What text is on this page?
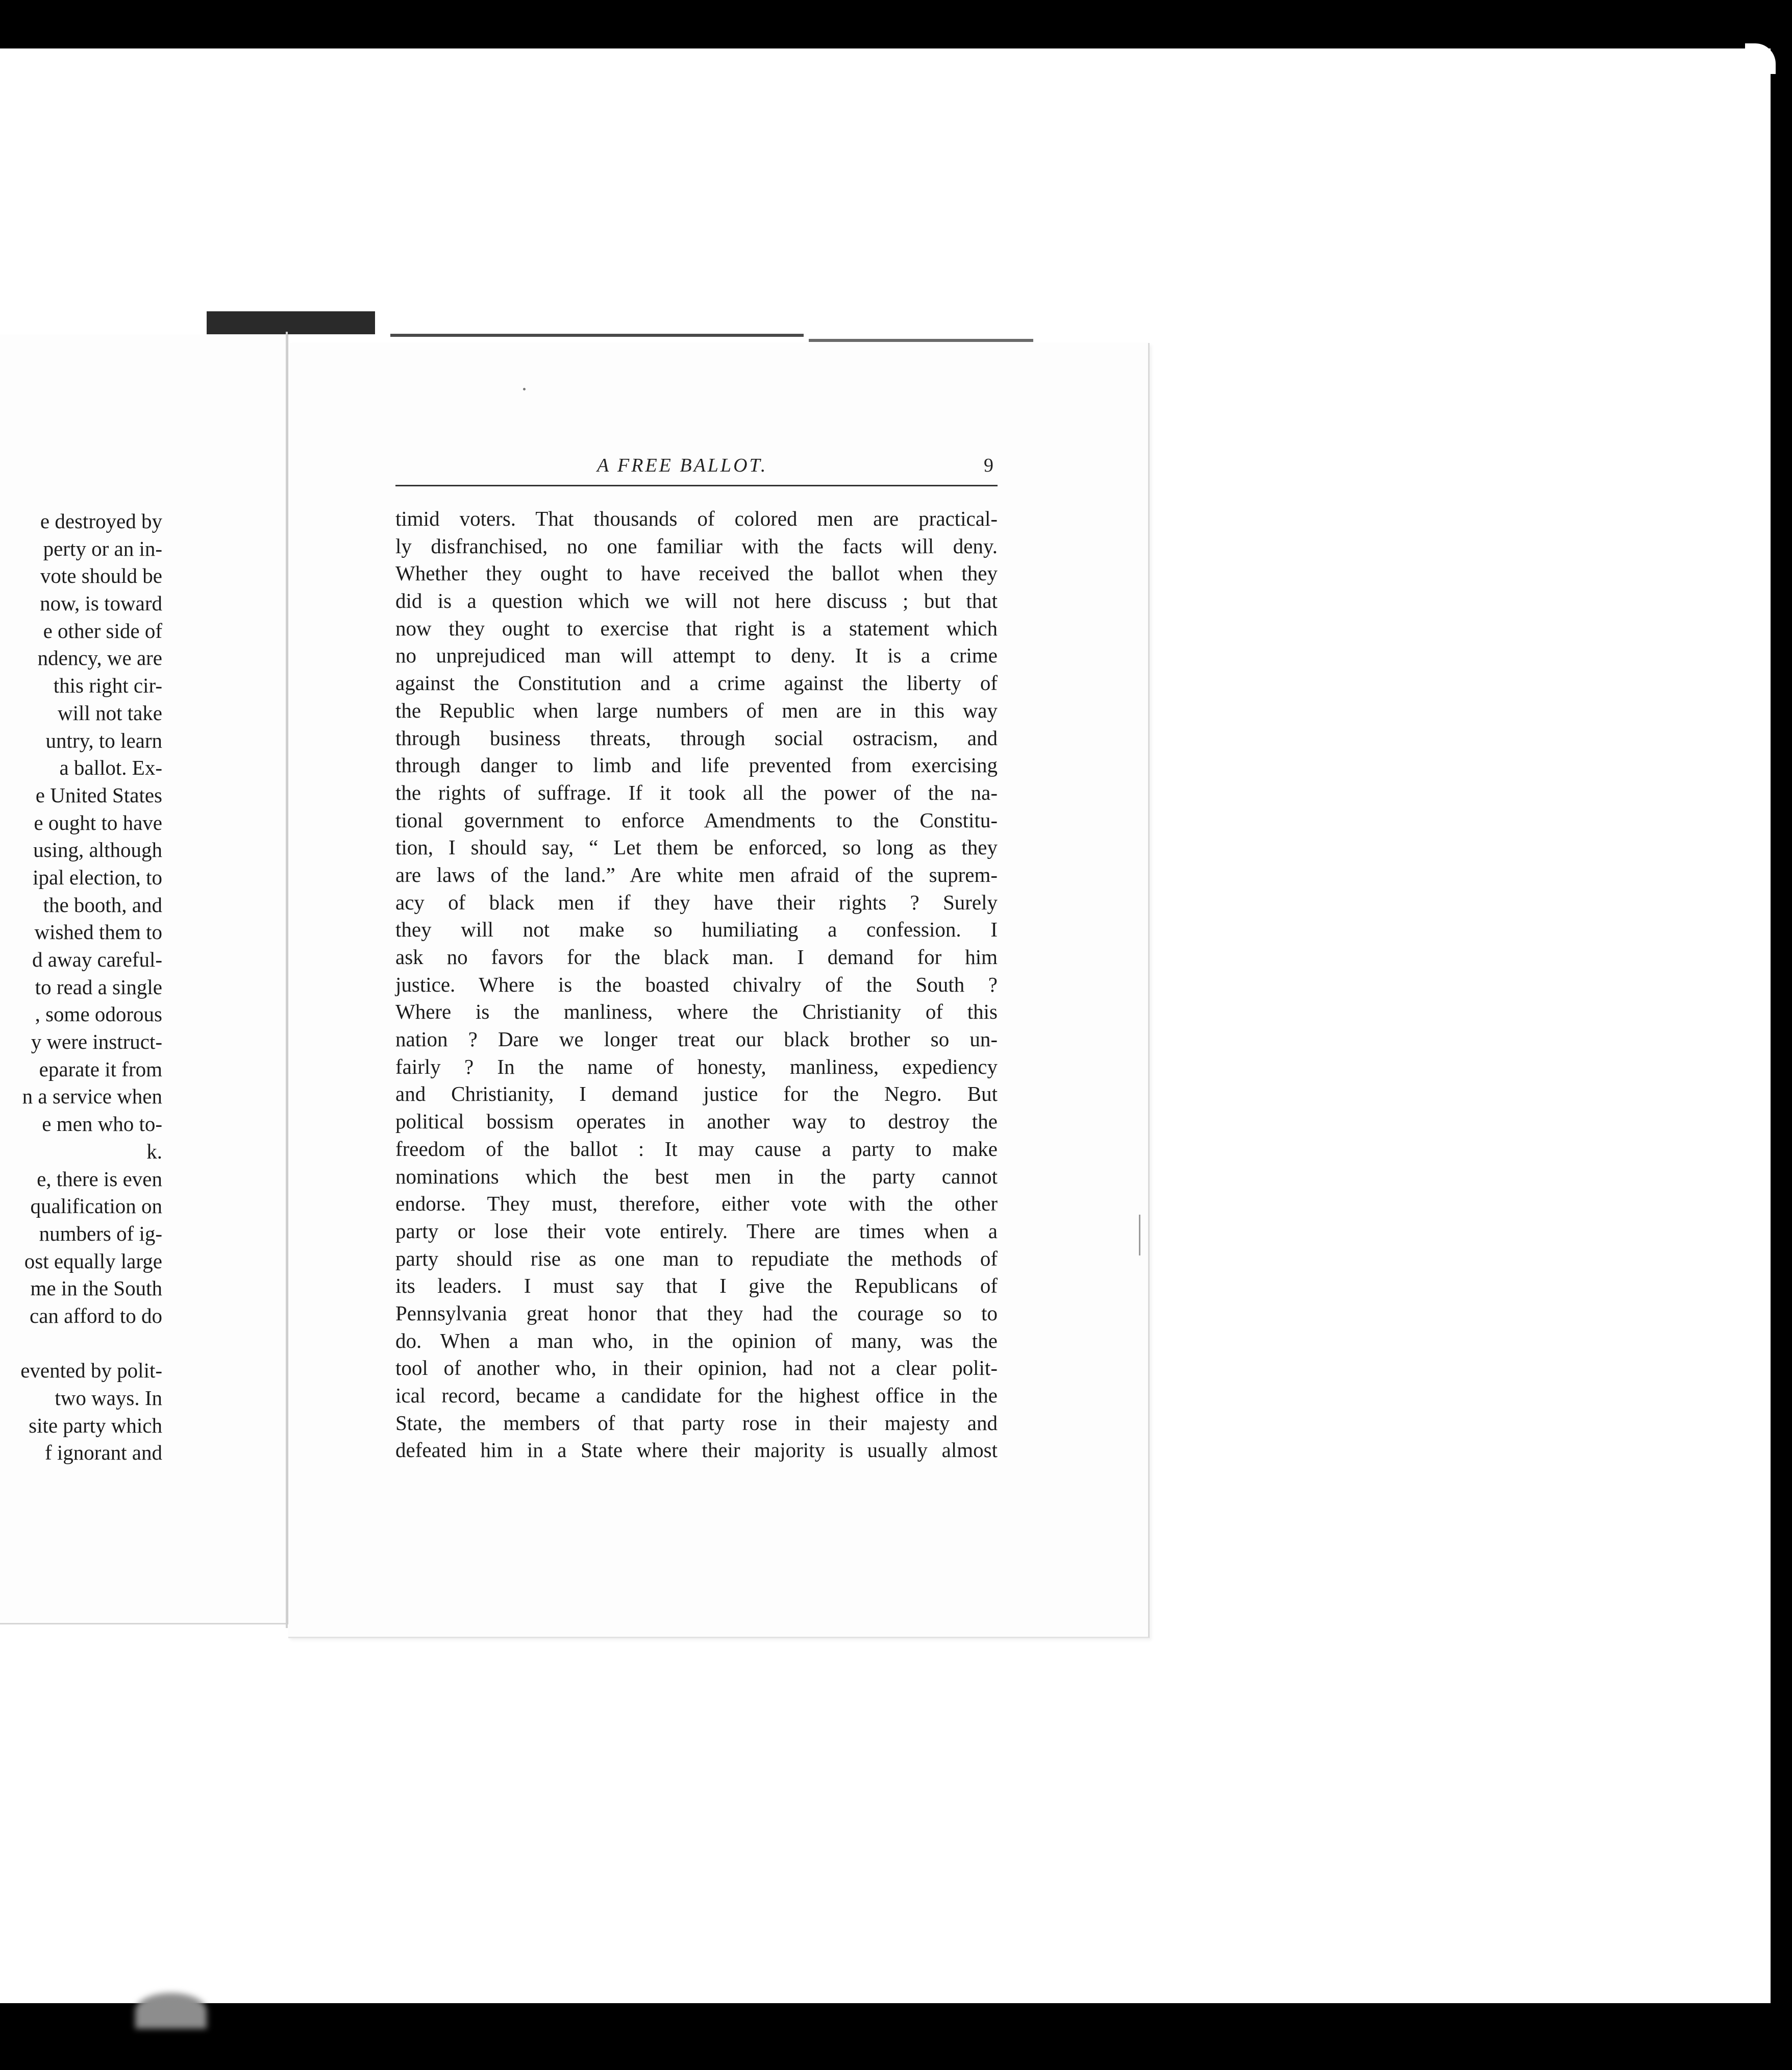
A FREE BALLOT.	9
timid voters. That thousands of colored men are practical-
ly disfranchised, no one familiar with the facts will deny.
Whether they ought to have received the ballot when they
did is a question which we will not here discuss ; but that
now they ought to exercise that right is a statement which
no unprejudiced man will attempt to deny. It is a crime
against the Constitution and a crime against the liberty of
the Republic when large numbers of men are in this way
through business threats, through social ostracism, and
through danger to limb and life prevented from exercising
the rights of suffrage. If it took all the power of the na-
tional government to enforce Amendments to the Constitu-
tion, I should say, “ Let them be enforced, so long as they
are laws of the land.” Are white men afraid of the suprem-
acy of black men if they have their rights ? Surely
they will not make so humiliating a confession. I
ask no favors for the black man. I demand for him
justice. Where is the boasted chivalry of the South ?
Where is the manliness, where the Christianity of this
nation ? Dare we longer treat our black brother so un-
fairly ? In the name of honesty, manliness, expediency
and Christianity, I demand justice for the Negro. But
political bossism operates in another way to destroy the
freedom of the ballot : It may cause a party to make
nominations which the best men in the party cannot
endorse. They must, therefore, either vote with the other
party or lose their vote entirely. There are times when a
party should rise as one man to repudiate the methods of
its leaders. I must say that I give the Republicans of
Pennsylvania great honor that they had the courage so to
do. When a man who, in the opinion of many, was the
tool of another who, in their opinion, had not a clear polit-
ical record, became a candidate for the highest office in the
State, the members of that party rose in their majesty and
defeated him in a State where their majority is usually almost
e destroyed by
perty or an in-
vote should be
now, is toward
e other side of
ndency, we are
this right cir-
will not take
untry, to learn
a ballot. Ex-
e United States
e ought to have
using, although
ipal election, to
the booth, and
wished them to
d away careful-
to read a single
, some odorous
y were instruct-
eparate it from
n a service when
e men who to-
k.
e, there is even
qualification on
numbers of ig-
ost equally large
me in the South
can afford to do
evented by polit-
two ways. In
site party which
f ignorant and
